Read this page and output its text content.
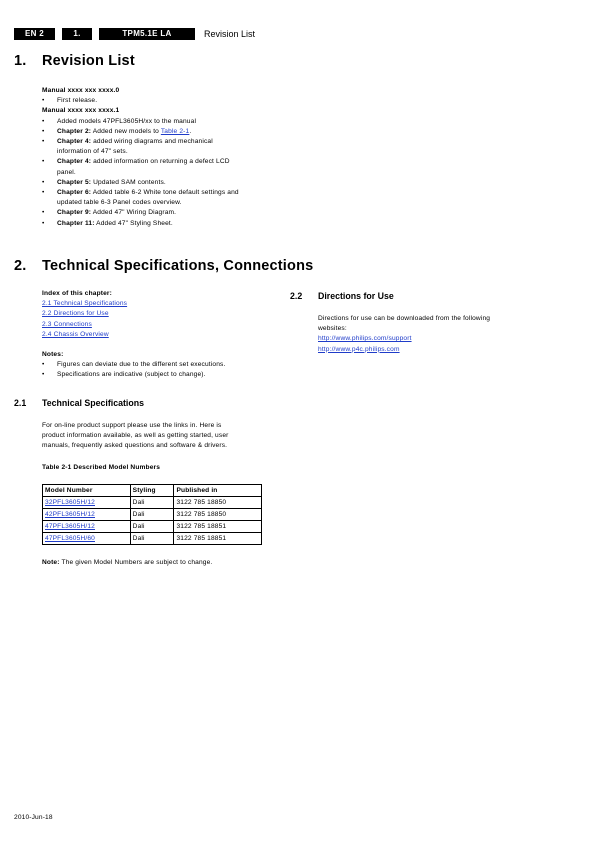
EN 2	1.	TPM5.1E LA	Revision List
1. Revision List
Manual xxxx xxx xxxx.0
• First release.
Manual xxxx xxx xxxx.1
• Added models 47PFL3605H/xx to the manual
• Chapter 2: Added new models to Table 2-1.
• Chapter 4: added wiring diagrams and mechanical
information of 47" sets.
• Chapter 4: added information on returning a defect LCD
panel.
• Chapter 5: Updated SAM contents.
• Chapter 6: Added table 6-2 White tone default settings and
updated table 6-3 Panel codes overview.
• Chapter 9: Added 47" Wiring Diagram.
• Chapter 11: Added 47" Styling Sheet.
2. Technical Specifications, Connections
Index of this chapter:
2.1 Technical Specifications
2.2 Directions for Use
2.3 Connections
2.4 Chassis Overview
Notes:
• Figures can deviate due to the different set executions.
• Specifications are indicative (subject to change).
2.1 Technical Specifications
For on-line product support please use the links in. Here is
product information available, as well as getting started, user
manuals, frequently asked questions and software & drivers.
Table 2-1 Described Model Numbers
Model Number	Styling	Published in
32PFL3605H/12	Dali	3122 785 18850
42PFL3605H/12	Dali	3122 785 18850
47PFL3605H/12	Dali	3122 785 18851
47PFL3605H/60	Dali	3122 785 18851
Note: The given Model Numbers are subject to change.
2.2 Directions for Use
Directions for use can be downloaded from the following
websites:
http://www.philips.com/support
http://www.p4c.philips.com
2010-Jun-18
